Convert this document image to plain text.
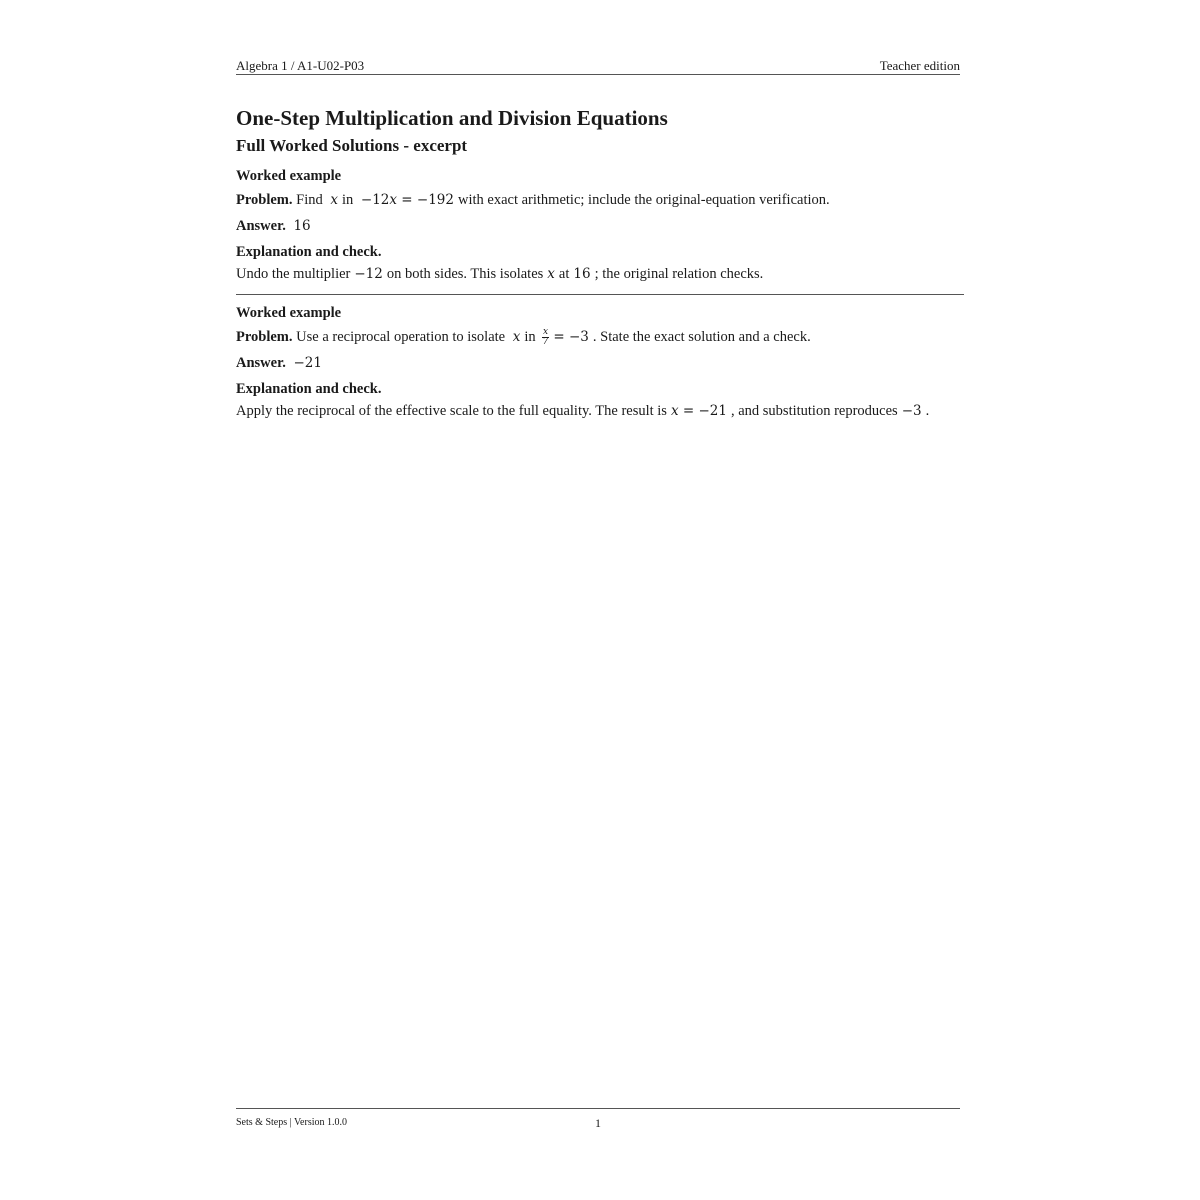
Algebra 1 / A1-U02-P03	Teacher edition
One-Step Multiplication and Division Equations
Full Worked Solutions - excerpt
Worked example

Problem. Find x in −12x = −192 with exact arithmetic; include the original-equation verification.

Answer. 16

Explanation and check.

Undo the multiplier −12 on both sides. This isolates x at 16 ; the original relation checks.

Worked example

Problem. Use a reciprocal operation to isolate x in $\frac{x}{7} = -3$ . State the exact solution and a check.

Answer. −21

Explanation and check.

Apply the reciprocal of the effective scale to the full equality. The result is x = −21 , and substitution reproduces −3 .

Sets & Steps | Version 1.0.0	1
